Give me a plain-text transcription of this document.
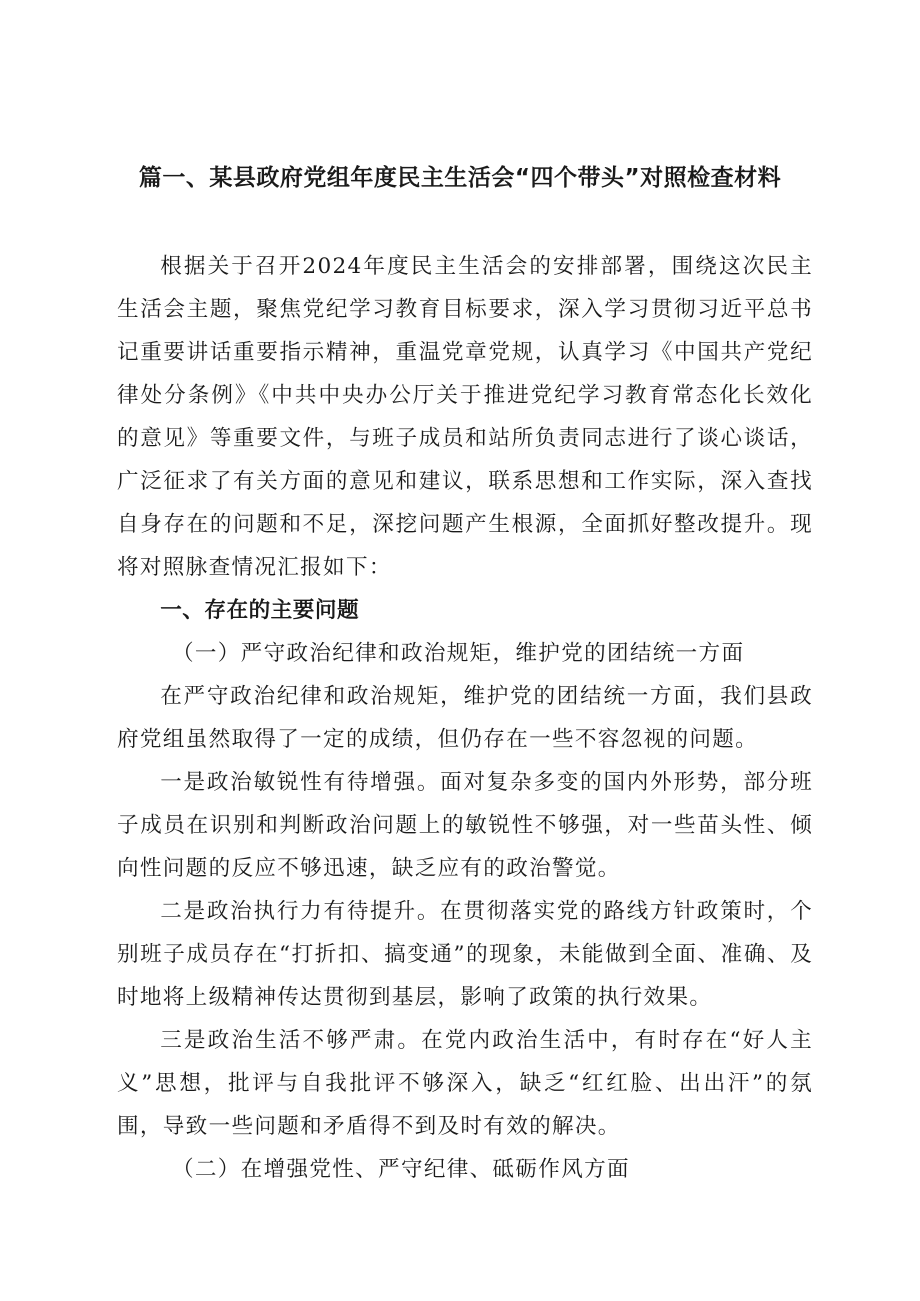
篇一、某县政府党组年度民主生活会“四个带头”对照检查材料

根据关于召开2024年度民主生活会的安排部署，围绕这次民主生活会主题，聚焦党纪学习教育目标要求，深入学习贯彻习近平总书记重要讲话重要指示精神，重温党章党规，认真学习《中国共产党纪律处分条例》《中共中央办公厅关于推进党纪学习教育常态化长效化的意见》等重要文件，与班子成员和站所负责同志进行了谈心谈话，广泛征求了有关方面的意见和建议，联系思想和工作实际，深入查找自身存在的问题和不足，深挖问题产生根源，全面抓好整改提升。现将对照脉查情况汇报如下：

一、存在的主要问题

（一）严守政治纪律和政治规矩，维护党的团结统一方面

在严守政治纪律和政治规矩，维护党的团结统一方面，我们县政府党组虽然取得了一定的成绩，但仍存在一些不容忽视的问题。

一是政治敏锐性有待增强。面对复杂多变的国内外形势，部分班子成员在识别和判断政治问题上的敏锐性不够强，对一些苗头性、倾向性问题的反应不够迅速，缺乏应有的政治警觉。

二是政治执行力有待提升。在贯彻落实党的路线方针政策时，个别班子成员存在“打折扣、搞变通”的现象，未能做到全面、准确、及时地将上级精神传达贯彻到基层，影响了政策的执行效果。

三是政治生活不够严肃。在党内政治生活中，有时存在“好人主义”思想，批评与自我批评不够深入，缺乏“红红脸、出出汗”的氛围，导致一些问题和矛盾得不到及时有效的解决。

（二）在增强党性、严守纪律、砥砺作风方面
